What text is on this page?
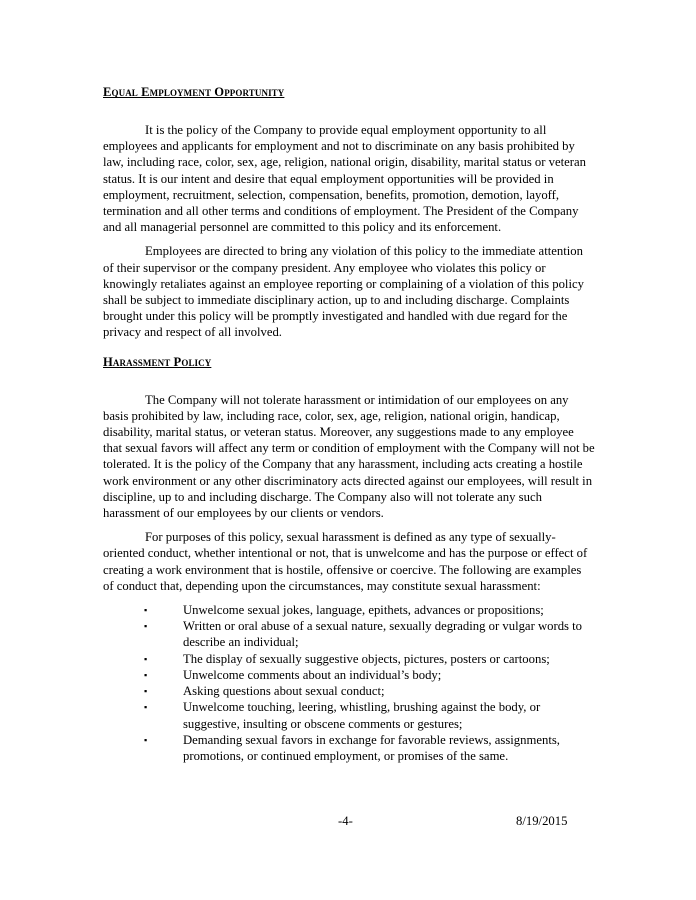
Equal Employment Opportunity

It is the policy of the Company to provide equal employment opportunity to all employees and applicants for employment and not to discriminate on any basis prohibited by law, including race, color, sex, age, religion, national origin, disability, marital status or veteran status. It is our intent and desire that equal employment opportunities will be provided in employment, recruitment, selection, compensation, benefits, promotion, demotion, layoff, termination and all other terms and conditions of employment. The President of the Company and all managerial personnel are committed to this policy and its enforcement.

Employees are directed to bring any violation of this policy to the immediate attention of their supervisor or the company president. Any employee who violates this policy or knowingly retaliates against an employee reporting or complaining of a violation of this policy shall be subject to immediate disciplinary action, up to and including discharge. Complaints brought under this policy will be promptly investigated and handled with due regard for the privacy and respect of all involved.

Harassment Policy

The Company will not tolerate harassment or intimidation of our employees on any basis prohibited by law, including race, color, sex, age, religion, national origin, handicap, disability, marital status, or veteran status. Moreover, any suggestions made to any employee that sexual favors will affect any term or condition of employment with the Company will not be tolerated. It is the policy of the Company that any harassment, including acts creating a hostile work environment or any other discriminatory acts directed against our employees, will result in discipline, up to and including discharge. The Company also will not tolerate any such harassment of our employees by our clients or vendors.

For purposes of this policy, sexual harassment is defined as any type of sexually-oriented conduct, whether intentional or not, that is unwelcome and has the purpose or effect of creating a work environment that is hostile, offensive or coercive. The following are examples of conduct that, depending upon the circumstances, may constitute sexual harassment:

▪	Unwelcome sexual jokes, language, epithets, advances or propositions;
▪	Written or oral abuse of a sexual nature, sexually degrading or vulgar words to describe an individual;
▪	The display of sexually suggestive objects, pictures, posters or cartoons;
▪	Unwelcome comments about an individual’s body;
▪	Asking questions about sexual conduct;
▪	Unwelcome touching, leering, whistling, brushing against the body, or suggestive, insulting or obscene comments or gestures;
▪	Demanding sexual favors in exchange for favorable reviews, assignments, promotions, or continued employment, or promises of the same.
-4-	8/19/2015
